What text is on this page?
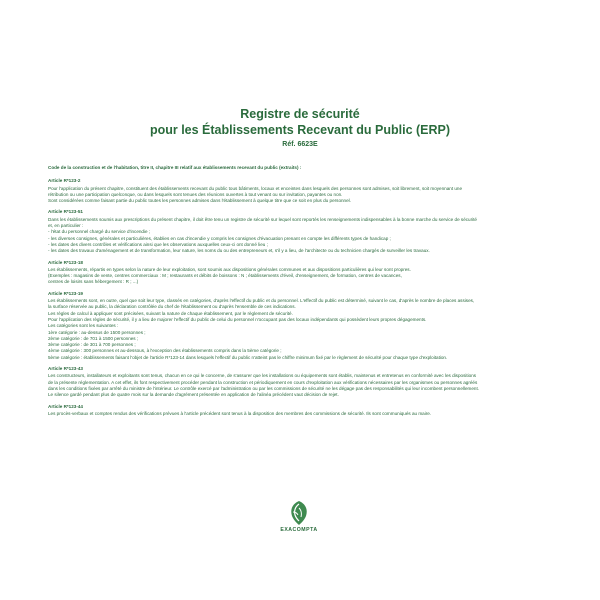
Registre de sécurité
pour les Établissements Recevant du Public (ERP)
Réf. 6623E
Code de la construction et de l'habitation, titre II, chapitre III relatif aux établissements recevant du public (extraits) :
Article R*123-2
Pour l'application du présent chapitre, constituent des établissements recevant du public tous bâtiments, locaux et enceintes dans lesquels des personnes sont admises, soit librement, soit moyennant une
rétribution ou une participation quelconque, ou dans lesquels sont tenues des réunions ouvertes à tout venant ou sur invitation, payantes ou non.
Sont considérées comme faisant partie du public toutes les personnes admises dans l'établissement à quelque titre que ce soit en plus du personnel.
Article R*123-51
Dans les établissements soumis aux prescriptions du présent chapitre, il doit être tenu un registre de sécurité sur lequel sont reportés les renseignements indispensables à la bonne marche du service de sécurité
et, en particulier :
- l'état du personnel chargé du service d'incendie ;
- les diverses consignes, générales et particulières, établies en cas d'incendie y compris les consignes d'évacuation prenant en compte les différents types de handicap ;
- les dates des divers contrôles et vérifications ainsi que les observations auxquelles ceux-ci ont donné lieu ;
- les dates des travaux d'aménagement et de transformation, leur nature, les noms du ou des entrepreneurs et, s'il y a lieu, de l'architecte ou du technicien chargés de surveiller les travaux.
Article R*123-18
Les établissements, répartis en types selon la nature de leur exploitation, sont soumis aux dispositions générales communes et aux dispositions particulières qui leur sont propres.
(Exemples : magasins de vente, centres commerciaux : M ; restaurants et débits de boissons : N ; établissements d'éveil, d'enseignement, de formation, centres de vacances,
centres de loisirs sans hébergement : R ; ...)
Article R*123-19
Les établissements sont, en outre, quel que soit leur type, classés en catégories, d'après l'effectif du public et du personnel. L'effectif du public est déterminé, suivant le cas, d'après le nombre de places assises,
la surface réservée au public, la déclaration contrôlée du chef de l'établissement ou d'après l'ensemble de ces indications.
Les règles de calcul à appliquer sont précisées, suivant la nature de chaque établissement, par le règlement de sécurité.
Pour l'application des règles de sécurité, il y a lieu de majorer l'effectif du public de celui du personnel n'occupant pas des locaux indépendants qui possèdent leurs propres dégagements.
Les catégories sont les suivantes :
1ère catégorie : au-dessus de 1500 personnes ;
2ème catégorie : de 701 à 1500 personnes ;
3ème catégorie : de 301 à 700 personnes ;
4ème catégorie : 300 personnes et au-dessous, à l'exception des établissements compris dans la 5ème catégorie ;
5ème catégorie : établissements faisant l'objet de l'article R*123-14 dans lesquels l'effectif du public n'atteint pas le chiffre minimum fixé par le règlement de sécurité pour chaque type d'exploitation.
Article R*123-43
Les constructeurs, installateurs et exploitants sont tenus, chacun en ce qui le concerne, de s'assurer que les installations ou équipements sont établis, maintenus et entretenus en conformité avec les dispositions
de la présente réglementation. A cet effet, ils font respectivement procéder pendant la construction et périodiquement en cours d'exploitation aux vérifications nécessaires par les organismes ou personnes agréés
dans les conditions fixées par arrêté du ministre de l'intérieur. Le contrôle exercé par l'administration ou par les commissions de sécurité ne les dégage pas des responsabilités qui leur incombent personnellement.
Le silence gardé pendant plus de quatre mois sur la demande d'agrément présentée en application de l'alinéa précédent vaut décision de rejet.
Article R*123-44
Les procès-verbaux et comptes rendus des vérifications prévues à l'article précédent sont tenus à la disposition des membres des commissions de sécurité. Ils sont communiqués au maire.
EXACOMPTA
